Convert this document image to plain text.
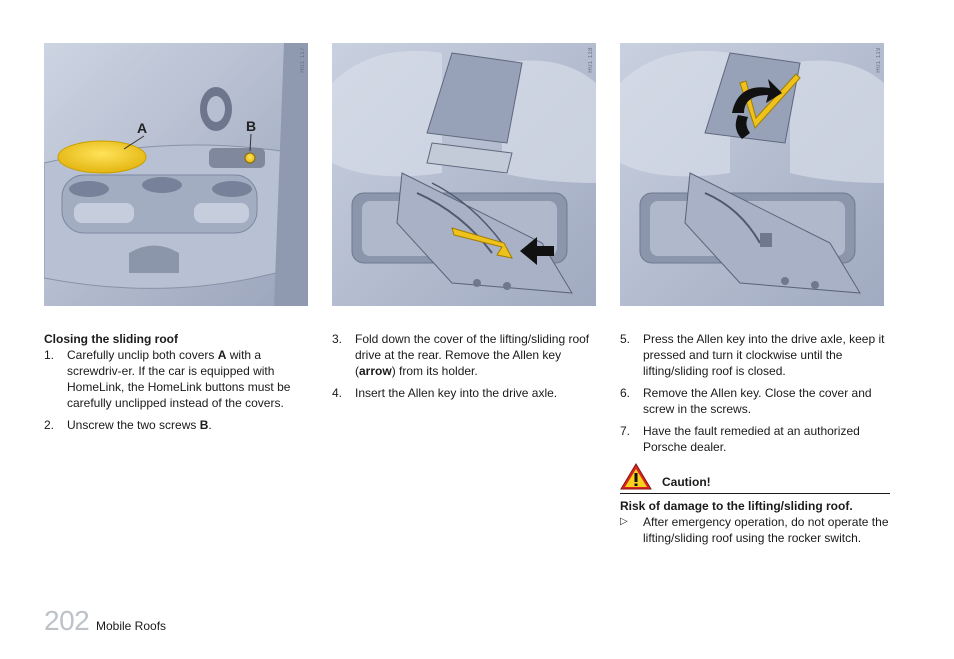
A	B
H01 117	H01 118	H01 119

Closing the sliding roof

1.	Carefully unclip both covers A with a screwdriv-er. If the car is equipped with HomeLink, the HomeLink buttons must be carefully unclipped instead of the covers.
2.	Unscrew the two screws B.
3.	Fold down the cover of the lifting/sliding roof drive at the rear. Remove the Allen key (arrow) from its holder.
4.	Insert the Allen key into the drive axle.
5.	Press the Allen key into the drive axle, keep it pressed and turn it clockwise until the lifting/sliding roof is closed.
6.	Remove the Allen key. Close the cover and screw in the screws.
7.	Have the fault remedied at an authorized Porsche dealer.
Caution!

Risk of damage to the lifting/sliding roof.

▷	After emergency operation, do not operate the lifting/sliding roof using the rocker switch.
202 Mobile Roofs
